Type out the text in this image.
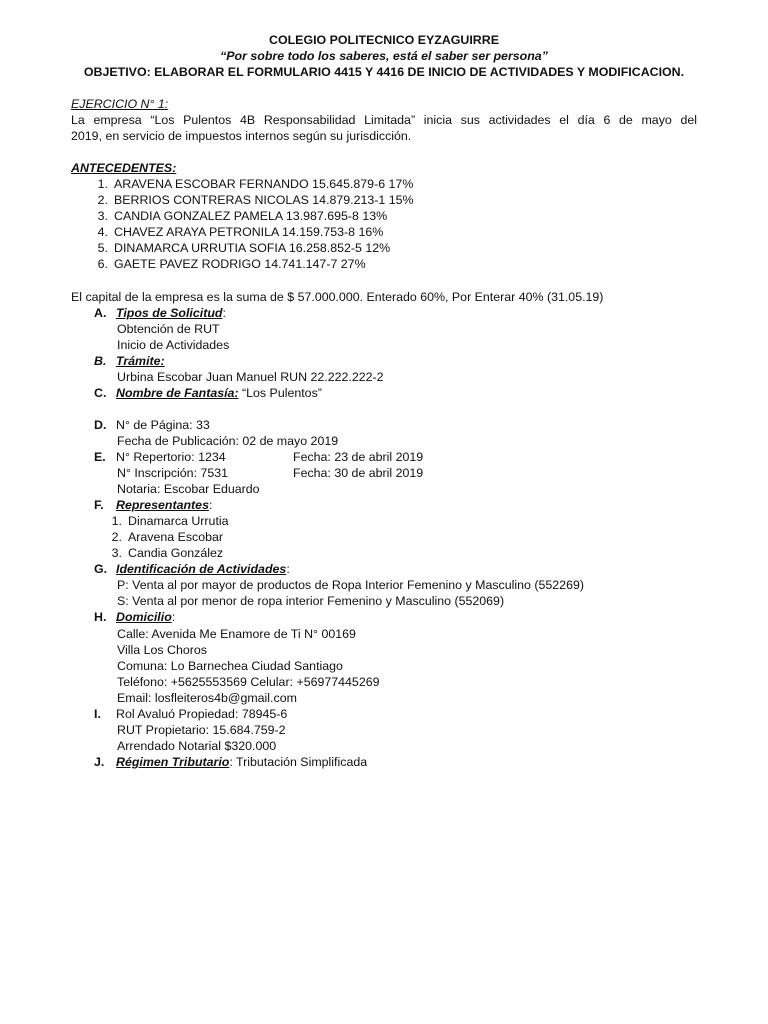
COLEGIO POLITECNICO EYZAGUIRRE
“Por sobre todo los saberes, está el saber ser persona”
OBJETIVO: ELABORAR EL FORMULARIO 4415 Y 4416 DE INICIO DE ACTIVIDADES Y MODIFICACION.
EJERCICIO N° 1:
La empresa “Los Pulentos 4B Responsabilidad Limitada” inicia sus actividades el día 6 de mayo del
2019, en servicio de impuestos internos según su jurisdicción.
ANTECEDENTES:
1. ARAVENA ESCOBAR FERNANDO 15.645.879-6 17%
2. BERRIOS CONTRERAS NICOLAS 14.879.213-1 15%
3. CANDIA GONZALEZ PAMELA 13.987.695-8 13%
4. CHAVEZ ARAYA PETRONILA 14.159.753-8 16%
5. DINAMARCA URRUTIA SOFIA 16.258.852-5 12%
6. GAETE PAVEZ RODRIGO 14.741.147-7 27%
El capital de la empresa es la suma de $ 57.000.000. Enterado 60%, Por Enterar 40% (31.05.19)
A. Tipos de Solicitud:
Obtención de RUT
Inicio de Actividades
B. Trámite:
Urbina Escobar Juan Manuel RUN 22.222.222-2
C. Nombre de Fantasía: “Los Pulentos”
D. N° de Página: 33
Fecha de Publicación: 02 de mayo 2019
E. N° Repertorio: 1234	Fecha: 23 de abril 2019
N° Inscripción: 7531	Fecha: 30 de abril 2019
Notaria: Escobar Eduardo
F. Representantes:
1. Dinamarca Urrutia
2. Aravena Escobar
3. Candia González
G. Identificación de Actividades:
P: Venta al por mayor de productos de Ropa Interior Femenino y Masculino (552269)
S: Venta al por menor de ropa interior Femenino y Masculino (552069)
H. Domicilio:
Calle: Avenida Me Enamore de Ti N° 00169
Villa Los Choros
Comuna: Lo Barnechea Ciudad Santiago
Teléfono: +5625553569 Celular: +56977445269
Email: losfleiteros4b@gmail.com
I. Rol Avaluó Propiedad: 78945-6
RUT Propietario: 15.684.759-2
Arrendado Notarial $320.000
J. Régimen Tributario: Tributación Simplificada
